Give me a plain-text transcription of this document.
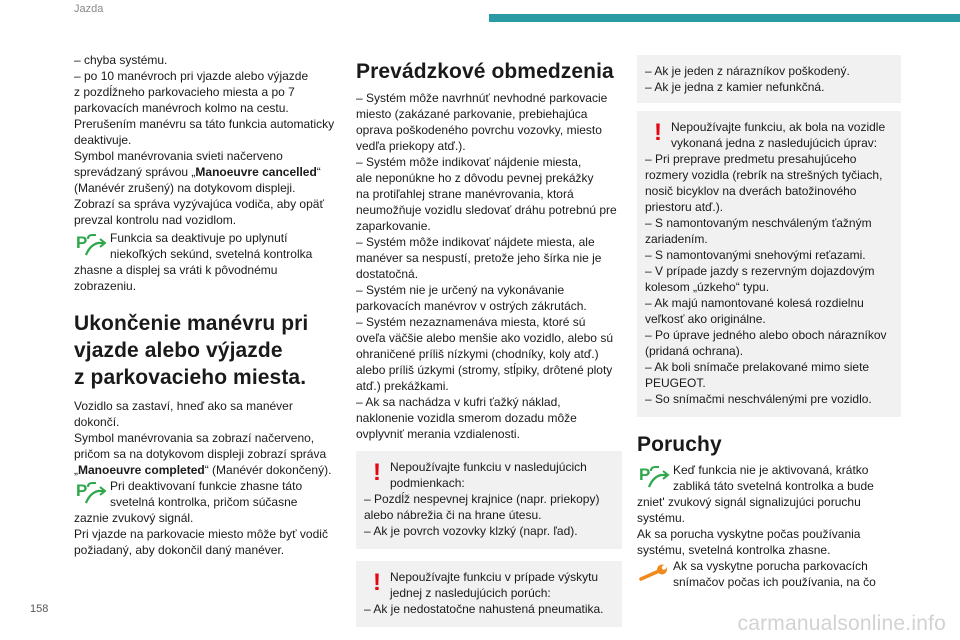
Jazda
158
carmanualsonline.info
– chyba systému.
– po 10 manévroch pri vjazde alebo výjazde
z pozdĺžneho parkovacieho miesta a po 7
parkovacích manévroch kolmo na cestu.
Prerušením manévru sa táto funkcia automaticky
deaktivuje.
Symbol manévrovania svieti načerveno
sprevádzaný správou „Manoeuvre cancelled“
(Manévér zrušený) na dotykovom displeji.
Zobrazí sa správa vyzývajúca vodiča, aby opäť
prevzal kontrolu nad vozidlom.
P Funkcia sa deaktivuje po uplynutí
niekoľkých sekúnd, svetelná kontrolka
zhasne a displej sa vráti k pôvodnému
zobrazeniu.
Ukončenie manévru pri
vjazde alebo výjazde
z parkovacieho miesta.
Vozidlo sa zastaví, hneď ako sa manéver
dokončí.
Symbol manévrovania sa zobrazí načerveno,
pričom sa na dotykovom displeji zobrazí správa
„Manoeuvre completed“ (Manévér dokončený).
P Pri deaktivovaní funkcie zhasne táto
svetelná kontrolka, pričom súčasne
zaznie zvukový signál.
Pri vjazde na parkovacie miesto môže byť vodič
požiadaný, aby dokončil daný manéver.
Prevádzkové obmedzenia
– Systém môže navrhnúť nevhodné parkovacie
miesto (zakázané parkovanie, prebiehajúca
oprava poškodeného povrchu vozovky, miesto
vedľa priekopy atď.).
– Systém môže indikovať nájdenie miesta,
ale neponúkne ho z dôvodu pevnej prekážky
na protiľahlej strane manévrovania, ktorá
neumožňuje vozidlu sledovať dráhu potrebnú pre
zaparkovanie.
– Systém môže indikovať nájdete miesta, ale
manéver sa nespustí, pretože jeho šírka nie je
dostatočná.
– Systém nie je určený na vykonávanie
parkovacích manévrov v ostrých zákrutách.
– Systém nezaznamenáva miesta, ktoré sú
oveľa väčšie alebo menšie ako vozidlo, alebo sú
ohraničené príliš nízkymi (chodníky, koly atď.)
alebo príliš úzkymi (stromy, stĺpiky, drôtené ploty
atď.) prekážkami.
– Ak sa nachádza v kufri ťažký náklad,
naklonenie vozidla smerom dozadu môže
ovplyvniť merania vzdialenosti.
! Nepoužívajte funkciu v nasledujúcich
podmienkach:
– Pozdĺž nespevnej krajnice (napr. priekopy)
alebo nábrežia či na hrane útesu.
– Ak je povrch vozovky klzký (napr. ľad).
! Nepoužívajte funkciu v prípade výskytu
jednej z nasledujúcich porúch:
– Ak je nedostatočne nahustená pneumatika.
– Ak je jeden z nárazníkov poškodený.
– Ak je jedna z kamier nefunkčná.
! Nepoužívajte funkciu, ak bola na vozidle
vykonaná jedna z nasledujúcich úprav:
– Pri preprave predmetu presahujúceho
rozmery vozidla (rebrík na strešných tyčiach,
nosič bicyklov na dverách batožinového
priestoru atď.).
– S namontovaným neschváleným ťažným
zariadením.
– S namontovanými snehovými reťazami.
– V prípade jazdy s rezervným dojazdovým
kolesom „úzkeho“ typu.
– Ak majú namontované kolesá rozdielnu
veľkosť ako originálne.
– Po úprave jedného alebo oboch nárazníkov
(pridaná ochrana).
– Ak boli snímače prelakované mimo siete
PEUGEOT.
– So snímačmi neschválenými pre vozidlo.
Poruchy
P Keď funkcia nie je aktivovaná, krátko
zabliká táto svetelná kontrolka a bude
zniet' zvukový signál signalizujúci poruchu
systému.
Ak sa porucha vyskytne počas používania
systému, svetelná kontrolka zhasne.
Ak sa vyskytne porucha parkovacích
snímačov počas ich používania, na čo
